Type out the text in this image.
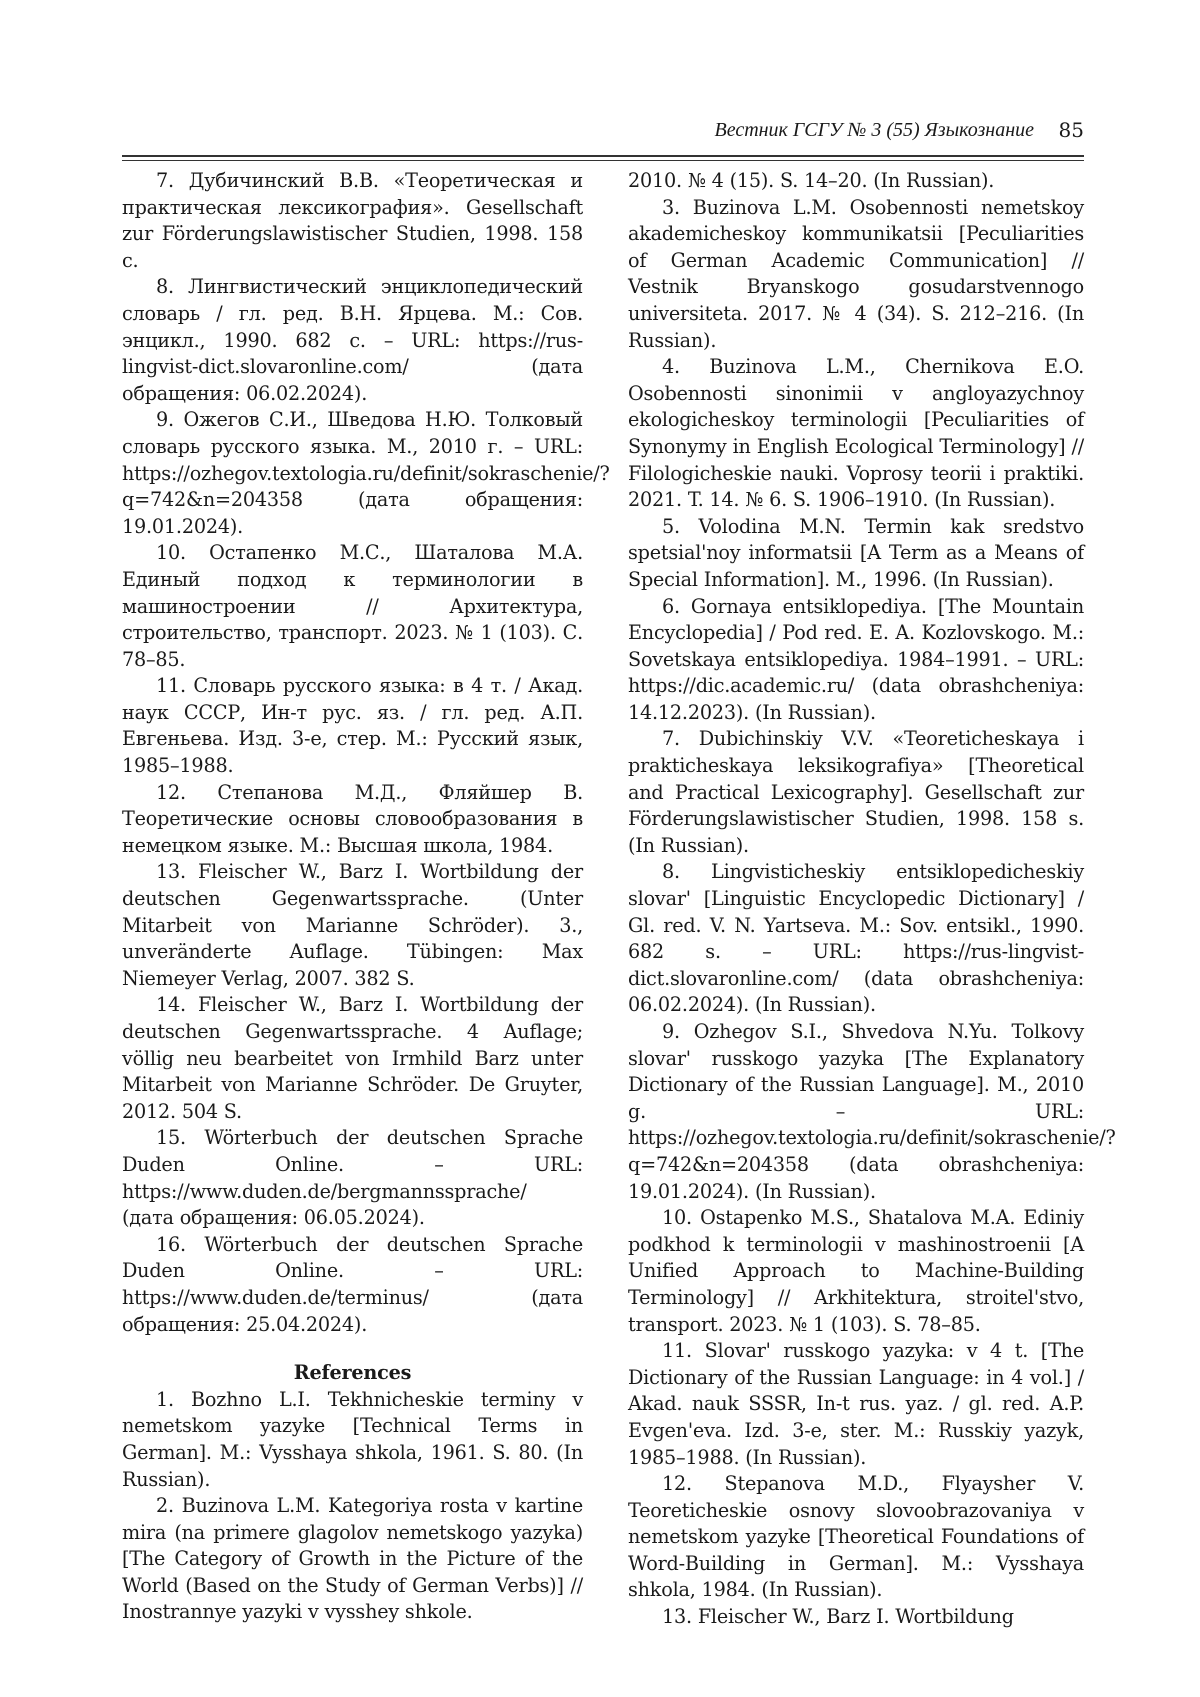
Вестник ГСГУ № 3 (55) Языкознание 85

7. Дубичинский В.В. «Теоретическая и практическая лексикография». Gesellschaft zur Förderungslawistischer Studien, 1998. 158 с.

8. Лингвистический энциклопедический словарь / гл. ред. В.Н. Ярцева. М.: Сов. энцикл., 1990. 682 с. – URL: https://rus-lingvist-dict.slovaronline.com/ (дата обращения: 06.02.2024).

9. Ожегов С.И., Шведова Н.Ю. Толковый словарь русского языка. М., 2010 г. – URL: https://ozhegov.textologia.ru/definit/sokraschenie/?q=742&n=204358 (дата обращения: 19.01.2024).

10. Остапенко М.С., Шаталова М.А. Единый подход к терминологии в машиностроении // Архитектура, строительство, транспорт. 2023. № 1 (103). С. 78–85.

11. Словарь русского языка: в 4 т. / Акад. наук СССР, Ин-т рус. яз. / гл. ред. А.П. Евгеньева. Изд. 3-е, стер. М.: Русский язык, 1985–1988.

12. Степанова М.Д., Фляйшер В. Теоретические основы словообразования в немецком языке. М.: Высшая школа, 1984.

13. Fleischer W., Barz I. Wortbildung der deutschen Gegenwartssprache. (Unter Mitarbeit von Marianne Schröder). 3., unveränderte Auflage. Tübingen: Max Niemeyer Verlag, 2007. 382 S.

14. Fleischer W., Barz I. Wortbildung der deutschen Gegenwartssprache. 4 Auflage; völlig neu bearbeitet von Irmhild Barz unter Mitarbeit von Marianne Schröder. De Gruyter, 2012. 504 S.

15. Wörterbuch der deutschen Sprache Duden Online. – URL: https://www.duden.de/bergmannssprache/ (дата обращения: 06.05.2024).

16. Wörterbuch der deutschen Sprache Duden Online. – URL: https://www.duden.de/terminus/ (дата обращения: 25.04.2024).

References

1. Bozhno L.I. Tekhnicheskie terminy v nemetskom yazyke [Technical Terms in German]. M.: Vysshaya shkola, 1961. S. 80. (In Russian).

2. Buzinova L.M. Kategoriya rosta v kartine mira (na primere glagolov nemetskogo yazyka) [The Category of Growth in the Picture of the World (Based on the Study of German Verbs)] // Inostrannye yazyki v vysshey shkole.

2010. № 4 (15). S. 14–20. (In Russian).

3. Buzinova L.M. Osobennosti nemetskoy akademicheskoy kommunikatsii [Peculiarities of German Academic Communication] // Vestnik Bryanskogo gosudarstvennogo universiteta. 2017. № 4 (34). S. 212–216. (In Russian).

4. Buzinova L.M., Chernikova E.O. Osobennosti sinonimii v angloyazychnoy ekologicheskoy terminologii [Peculiarities of Synonymy in English Ecological Terminology] // Filologicheskie nauki. Voprosy teorii i praktiki. 2021. T. 14. № 6. S. 1906–1910. (In Russian).

5. Volodina M.N. Termin kak sredstvo spetsial'noy informatsii [A Term as a Means of Special Information]. M., 1996. (In Russian).

6. Gornaya entsiklopediya. [The Mountain Encyclopedia] / Pod red. E. A. Kozlovskogo. M.: Sovetskaya entsiklopediya. 1984–1991. – URL: https://dic.academic.ru/ (data obrashcheniya: 14.12.2023). (In Russian).

7. Dubichinskiy V.V. «Teoreticheskaya i prakticheskaya leksikografiya» [Theoretical and Practical Lexicography]. Gesellschaft zur Förderungslawistischer Studien, 1998. 158 s. (In Russian).

8. Lingvisticheskiy entsiklopedicheskiy slovar' [Linguistic Encyclopedic Dictionary] / Gl. red. V. N. Yartseva. M.: Sov. entsikl., 1990. 682 s. – URL: https://rus-lingvist-dict.slovaronline.com/ (data obrashcheniya: 06.02.2024). (In Russian).

9. Ozhegov S.I., Shvedova N.Yu. Tolkovy slovar' russkogo yazyka [The Explanatory Dictionary of the Russian Language]. M., 2010 g. – URL: https://ozhegov.textologia.ru/definit/sokraschenie/?q=742&n=204358 (data obrashcheniya: 19.01.2024). (In Russian).

10. Ostapenko M.S., Shatalova M.A. Ediniy podkhod k terminologii v mashinostroenii [A Unified Approach to Machine-Building Terminology] // Arkhitektura, stroitel'stvo, transport. 2023. № 1 (103). S. 78–85.

11. Slovar' russkogo yazyka: v 4 t. [The Dictionary of the Russian Language: in 4 vol.] / Akad. nauk SSSR, In-t rus. yaz. / gl. red. A.P. Evgen'eva. Izd. 3-e, ster. M.: Russkiy yazyk, 1985–1988. (In Russian).

12. Stepanova M.D., Flyaysher V. Teoreticheskie osnovy slovoobrazovaniya v nemetskom yazyke [Theoretical Foundations of Word-Building in German]. M.: Vysshaya shkola, 1984. (In Russian).

13. Fleischer W., Barz I. Wortbildung
